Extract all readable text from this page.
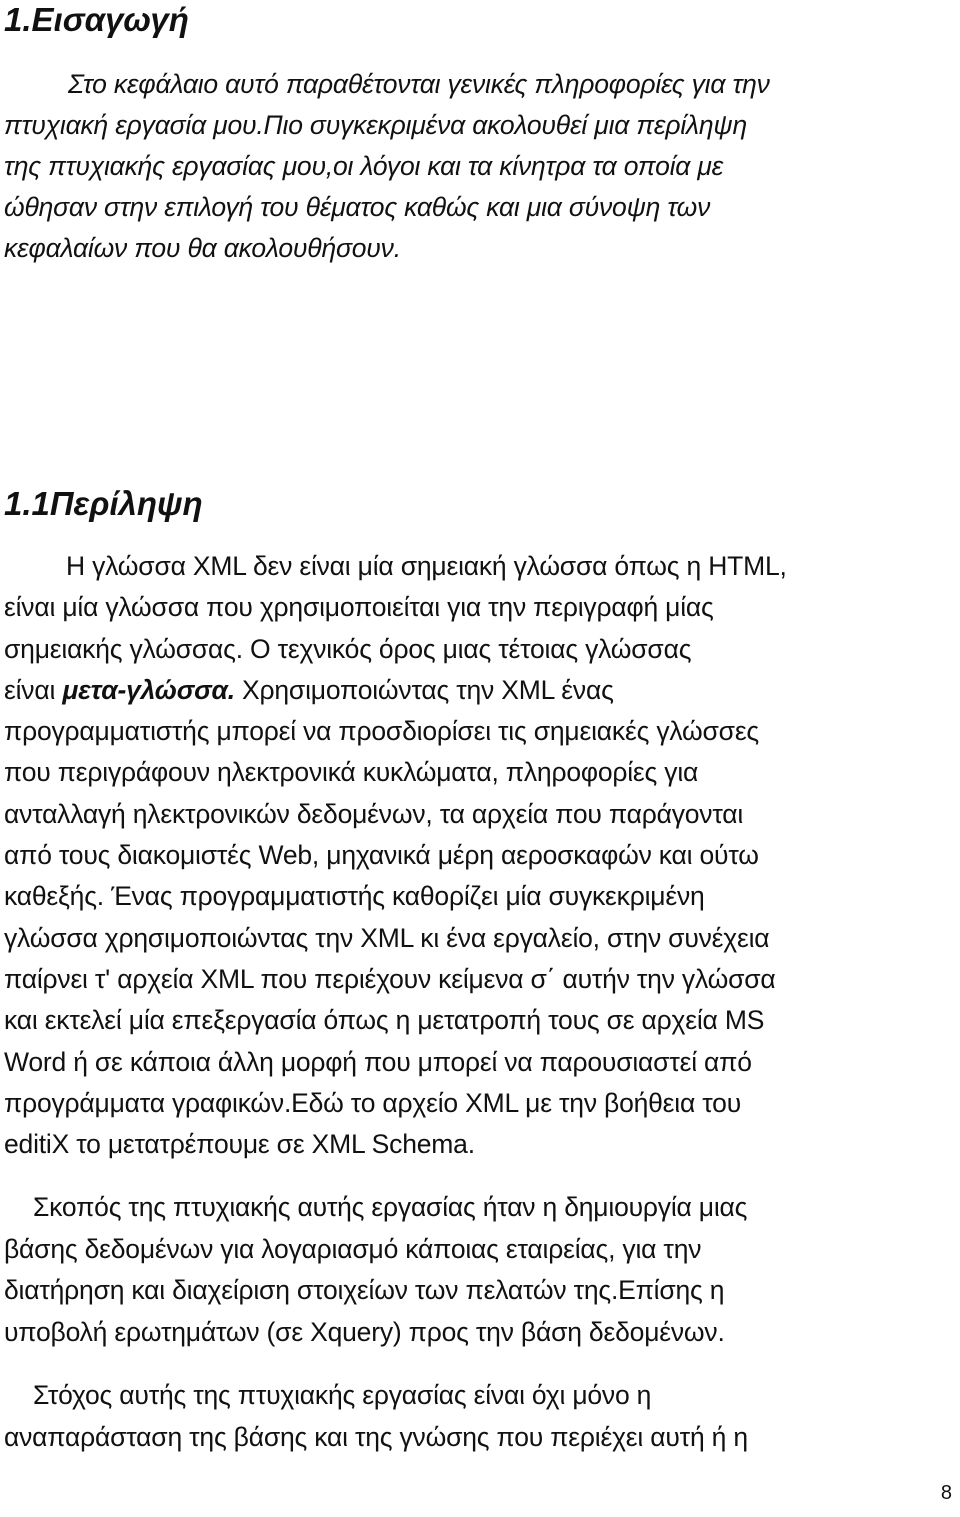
1.Εισαγωγή

Στο κεφάλαιο αυτό παραθέτονται γενικές πληροφορίες για την
πτυχιακή εργασία μου.Πιο συγκεκριμένα ακολουθεί μια περίληψη
της πτυχιακής εργασίας μου,οι λόγοι και τα κίνητρα τα οποία με
ώθησαν στην επιλογή του θέματος καθώς και μια σύνοψη των
κεφαλαίων που θα ακολουθήσουν.

1.1Περίληψη

Η γλώσσα XML δεν είναι μία σημειακή γλώσσα όπως η HTML,
είναι μία γλώσσα που χρησιμοποιείται για την περιγραφή μίας
σημειακής γλώσσας. Ο τεχνικός όρος μιας τέτοιας γλώσσας
είναι μετα-γλώσσα. Χρησιμοποιώντας την XML ένας
προγραμματιστής μπορεί να προσδιορίσει τις σημειακές γλώσσες
που περιγράφουν ηλεκτρονικά κυκλώματα, πληροφορίες για
ανταλλαγή ηλεκτρονικών δεδομένων, τα αρχεία που παράγονται
από τους διακομιστές Web, μηχανικά μέρη αεροσκαφών και ούτω
καθεξής. Ένας προγραμματιστής καθορίζει μία συγκεκριμένη
γλώσσα χρησιμοποιώντας την XML κι ένα εργαλείο, στην συνέχεια
παίρνει τ' αρχεία XML που περιέχουν κείμενα σ΄ αυτήν την γλώσσα
και εκτελεί μία επεξεργασία όπως η μετατροπή τους σε αρχεία MS
Word ή σε κάποια άλλη μορφή που μπορεί να παρουσιαστεί από
προγράμματα γραφικών.Εδώ το αρχείο XML με την βοήθεια του
editiX το μετατρέπουμε σε XML Schema.

Σκοπός της πτυχιακής αυτής εργασίας ήταν η δημιουργία μιας
βάσης δεδομένων για λογαριασμό κάποιας εταιρείας, για την
διατήρηση και διαχείριση στοιχείων των πελατών της.Επίσης η
υποβολή ερωτημάτων (σε Xquery) προς την βάση δεδομένων.

Στόχος αυτής της πτυχιακής εργασίας είναι όχι μόνο η
αναπαράσταση της βάσης και της γνώσης που περιέχει αυτή ή η

8
